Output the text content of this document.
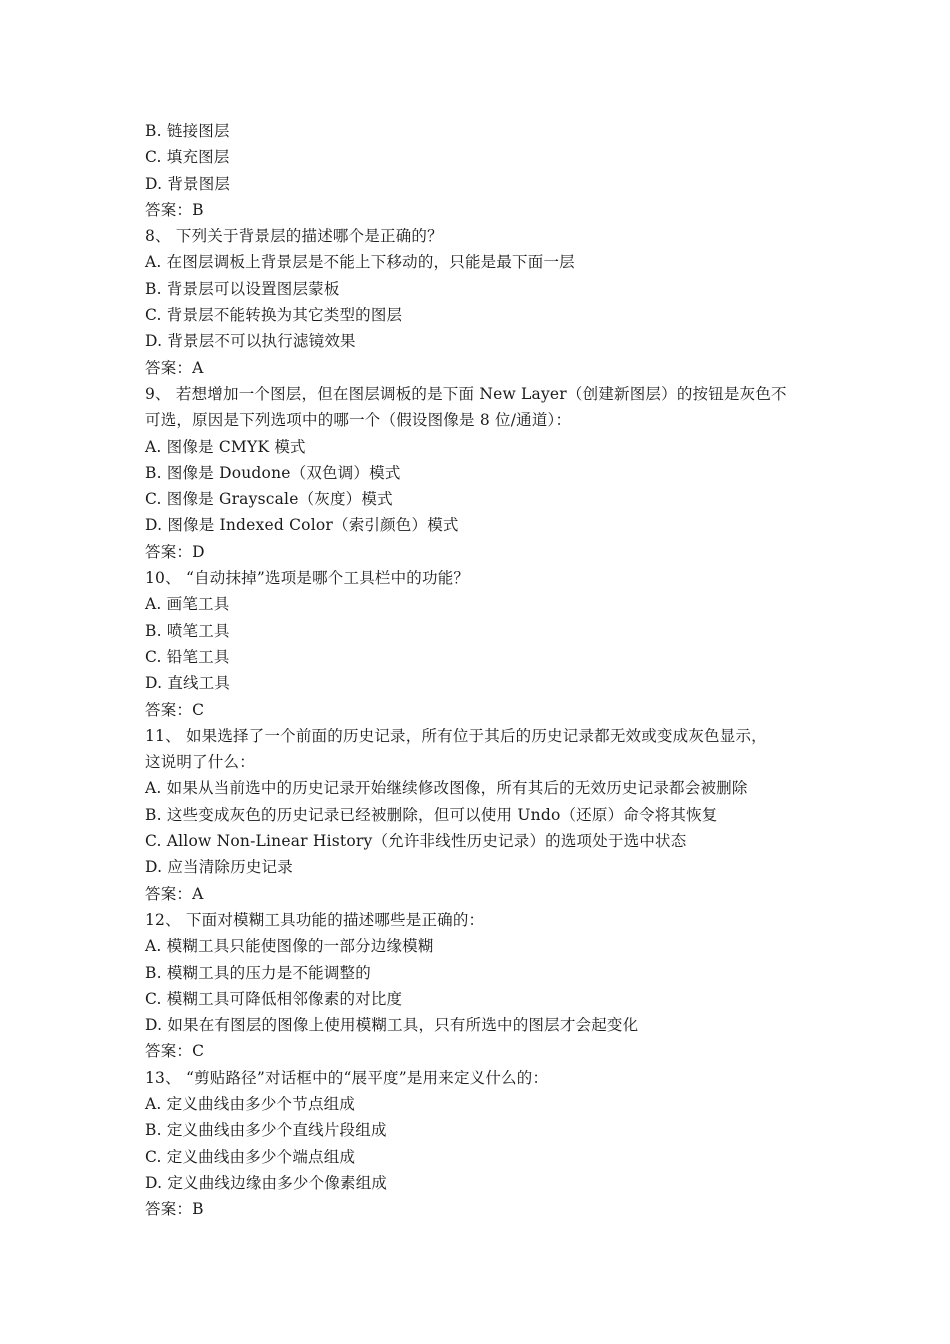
B. 链接图层
C. 填充图层
D. 背景图层
答案：B
8、 下列关于背景层的描述哪个是正确的？
A. 在图层调板上背景层是不能上下移动的，只能是最下面一层
B. 背景层可以设置图层蒙板
C. 背景层不能转换为其它类型的图层
D. 背景层不可以执行滤镜效果
答案：A
9、 若想增加一个图层，但在图层调板的是下面 New Layer（创建新图层）的按钮是灰色不
可选，原因是下列选项中的哪一个（假设图像是 8 位/通道）：
A. 图像是 CMYK 模式
B. 图像是 Doudone（双色调）模式
C. 图像是 Grayscale（灰度）模式
D. 图像是 Indexed Color（索引颜色）模式
答案：D
10、 “自动抹掉”选项是哪个工具栏中的功能？
A. 画笔工具
B. 喷笔工具
C. 铅笔工具
D. 直线工具
答案：C
11、 如果选择了一个前面的历史记录，所有位于其后的历史记录都无效或变成灰色显示，
这说明了什么：
A. 如果从当前选中的历史记录开始继续修改图像，所有其后的无效历史记录都会被删除
B. 这些变成灰色的历史记录已经被删除，但可以使用 Undo（还原）命令将其恢复
C. Allow Non-Linear History（允许非线性历史记录）的选项处于选中状态
D. 应当清除历史记录
答案：A
12、 下面对模糊工具功能的描述哪些是正确的：
A. 模糊工具只能使图像的一部分边缘模糊
B. 模糊工具的压力是不能调整的
C. 模糊工具可降低相邻像素的对比度
D. 如果在有图层的图像上使用模糊工具，只有所选中的图层才会起变化
答案：C
13、 “剪贴路径”对话框中的“展平度”是用来定义什么的：
A. 定义曲线由多少个节点组成
B. 定义曲线由多少个直线片段组成
C. 定义曲线由多少个端点组成
D. 定义曲线边缘由多少个像素组成
答案：B
